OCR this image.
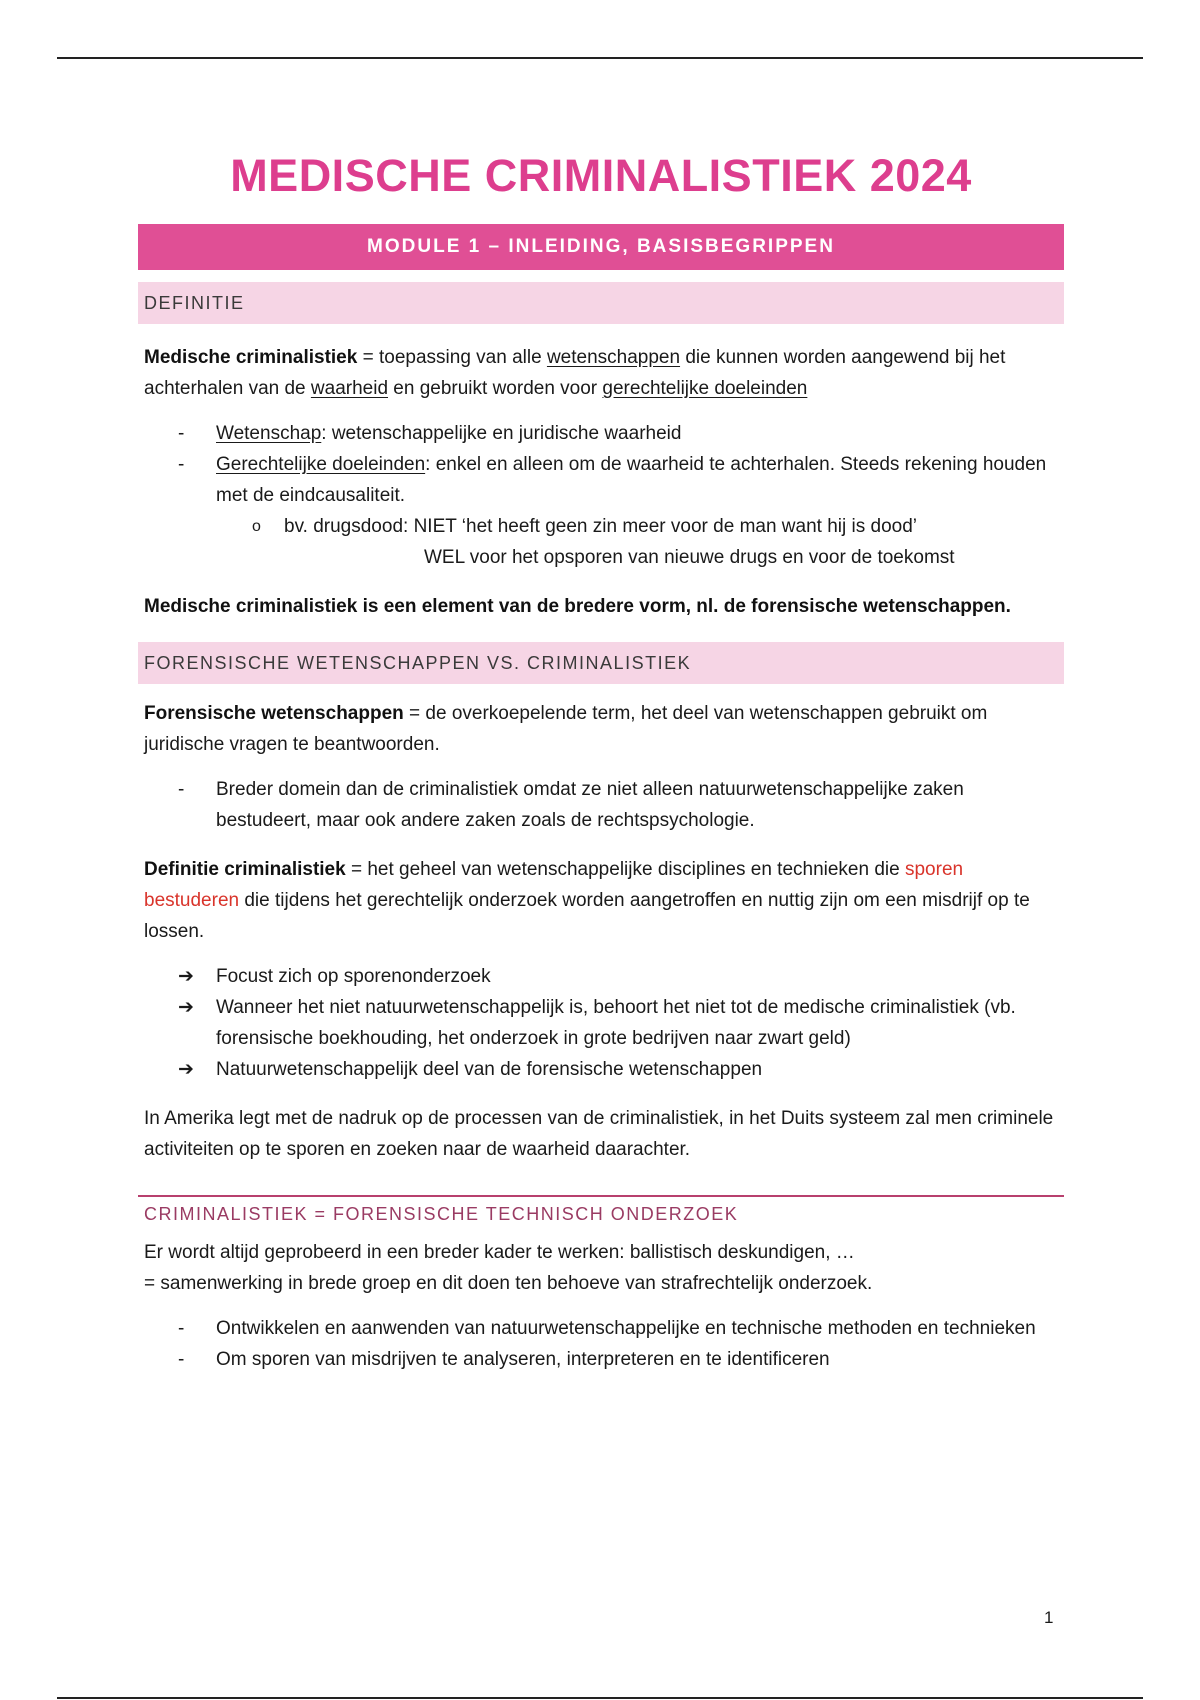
MEDISCHE CRIMINALISTIEK 2024
MODULE 1 – INLEIDING, BASISBEGRIPPEN
DEFINITIE

Medische criminalistiek = toepassing van alle wetenschappen die kunnen worden aangewend bij het achterhalen van de waarheid en gebruikt worden voor gerechtelijke doeleinden

- Wetenschap: wetenschappelijke en juridische waarheid
- Gerechtelijke doeleinden: enkel en alleen om de waarheid te achterhalen. Steeds rekening houden met de eindcausaliteit.
o bv. drugsdood: NIET ‘het heeft geen zin meer voor de man want hij is dood’
WEL voor het opsporen van nieuwe drugs en voor de toekomst

Medische criminalistiek is een element van de bredere vorm, nl. de forensische wetenschappen.

FORENSISCHE WETENSCHAPPEN VS. CRIMINALISTIEK

Forensische wetenschappen = de overkoepelende term, het deel van wetenschappen gebruikt om juridische vragen te beantwoorden.

- Breder domein dan de criminalistiek omdat ze niet alleen natuurwetenschappelijke zaken bestudeert, maar ook andere zaken zoals de rechtspsychologie.

Definitie criminalistiek = het geheel van wetenschappelijke disciplines en technieken die sporen bestuderen die tijdens het gerechtelijk onderzoek worden aangetroffen en nuttig zijn om een misdrijf op te lossen.

➔ Focust zich op sporenonderzoek
➔ Wanneer het niet natuurwetenschappelijk is, behoort het niet tot de medische criminalistiek (vb. forensische boekhouding, het onderzoek in grote bedrijven naar zwart geld)
➔ Natuurwetenschappelijk deel van de forensische wetenschappen

In Amerika legt met de nadruk op de processen van de criminalistiek, in het Duits systeem zal men criminele activiteiten op te sporen en zoeken naar de waarheid daarachter.

CRIMINALISTIEK = FORENSISCHE TECHNISCH ONDERZOEK

Er wordt altijd geprobeerd in een breder kader te werken: ballistisch deskundigen, …

= samenwerking in brede groep en dit doen ten behoeve van strafrechtelijk onderzoek.

- Ontwikkelen en aanwenden van natuurwetenschappelijke en technische methoden en technieken
- Om sporen van misdrijven te analyseren, interpreteren en te identificeren
1
